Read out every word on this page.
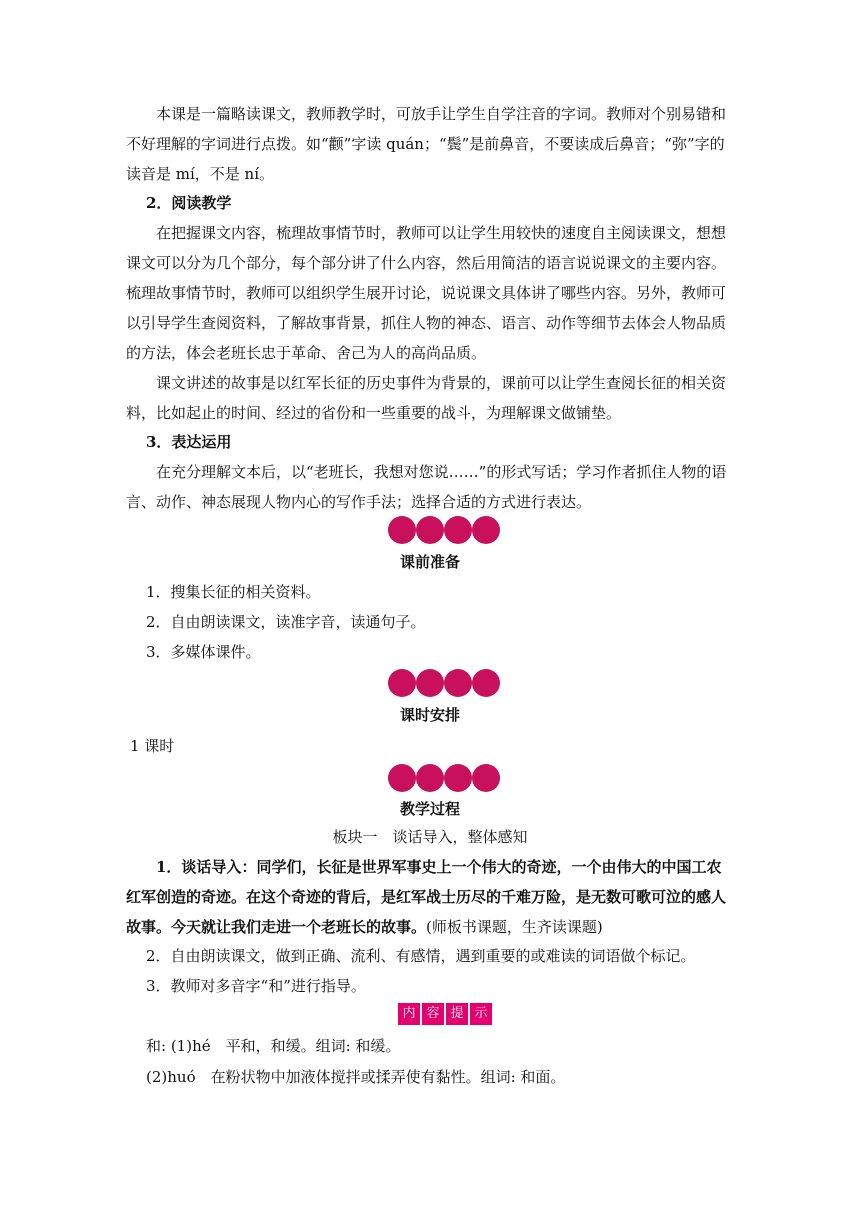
本课是一篇略读课文，教师教学时，可放手让学生自学注音的字词。教师对个别易错和不好理解的字词进行点拨。如“颧”字读 quán；“鬓”是前鼻音，不要读成后鼻音；“弥”字的读音是 mí，不是 ní。

2．阅读教学

在把握课文内容，梳理故事情节时，教师可以让学生用较快的速度自主阅读课文，想想课文可以分为几个部分，每个部分讲了什么内容，然后用简洁的语言说说课文的主要内容。梳理故事情节时，教师可以组织学生展开讨论，说说课文具体讲了哪些内容。另外，教师可以引导学生查阅资料，了解故事背景，抓住人物的神态、语言、动作等细节去体会人物品质的方法，体会老班长忠于革命、舍己为人的高尚品质。

课文讲述的故事是以红军长征的历史事件为背景的，课前可以让学生查阅长征的相关资料，比如起止的时间、经过的省份和一些重要的战斗，为理解课文做铺垫。

3．表达运用

在充分理解文本后，以“老班长，我想对您说……”的形式写话；学习作者抓住人物的语言、动作、神态展现人物内心的写作手法；选择合适的方式进行表达。

课前准备

1．搜集长征的相关资料。

2．自由朗读课文，读准字音，读通句子。

3．多媒体课件。

课时安排

1 课时

教学过程

板块一　谈话导入，整体感知

1．谈话导入：同学们，长征是世界军事史上一个伟大的奇迹，一个由伟大的中国工农红军创造的奇迹。在这个奇迹的背后，是红军战士历尽的千难万险，是无数可歌可泣的感人故事。今天就让我们走进一个老班长的故事。(师板书课题，生齐读课题)

2．自由朗读课文，做到正确、流利、有感情，遇到重要的或难读的词语做个标记。

3．教师对多音字“和”进行指导。

内 容 提 示

和: (1)hé　平和，和缓。组词: 和缓。

(2)huó　在粉状物中加液体搅拌或揉弄使有黏性。组词: 和面。
